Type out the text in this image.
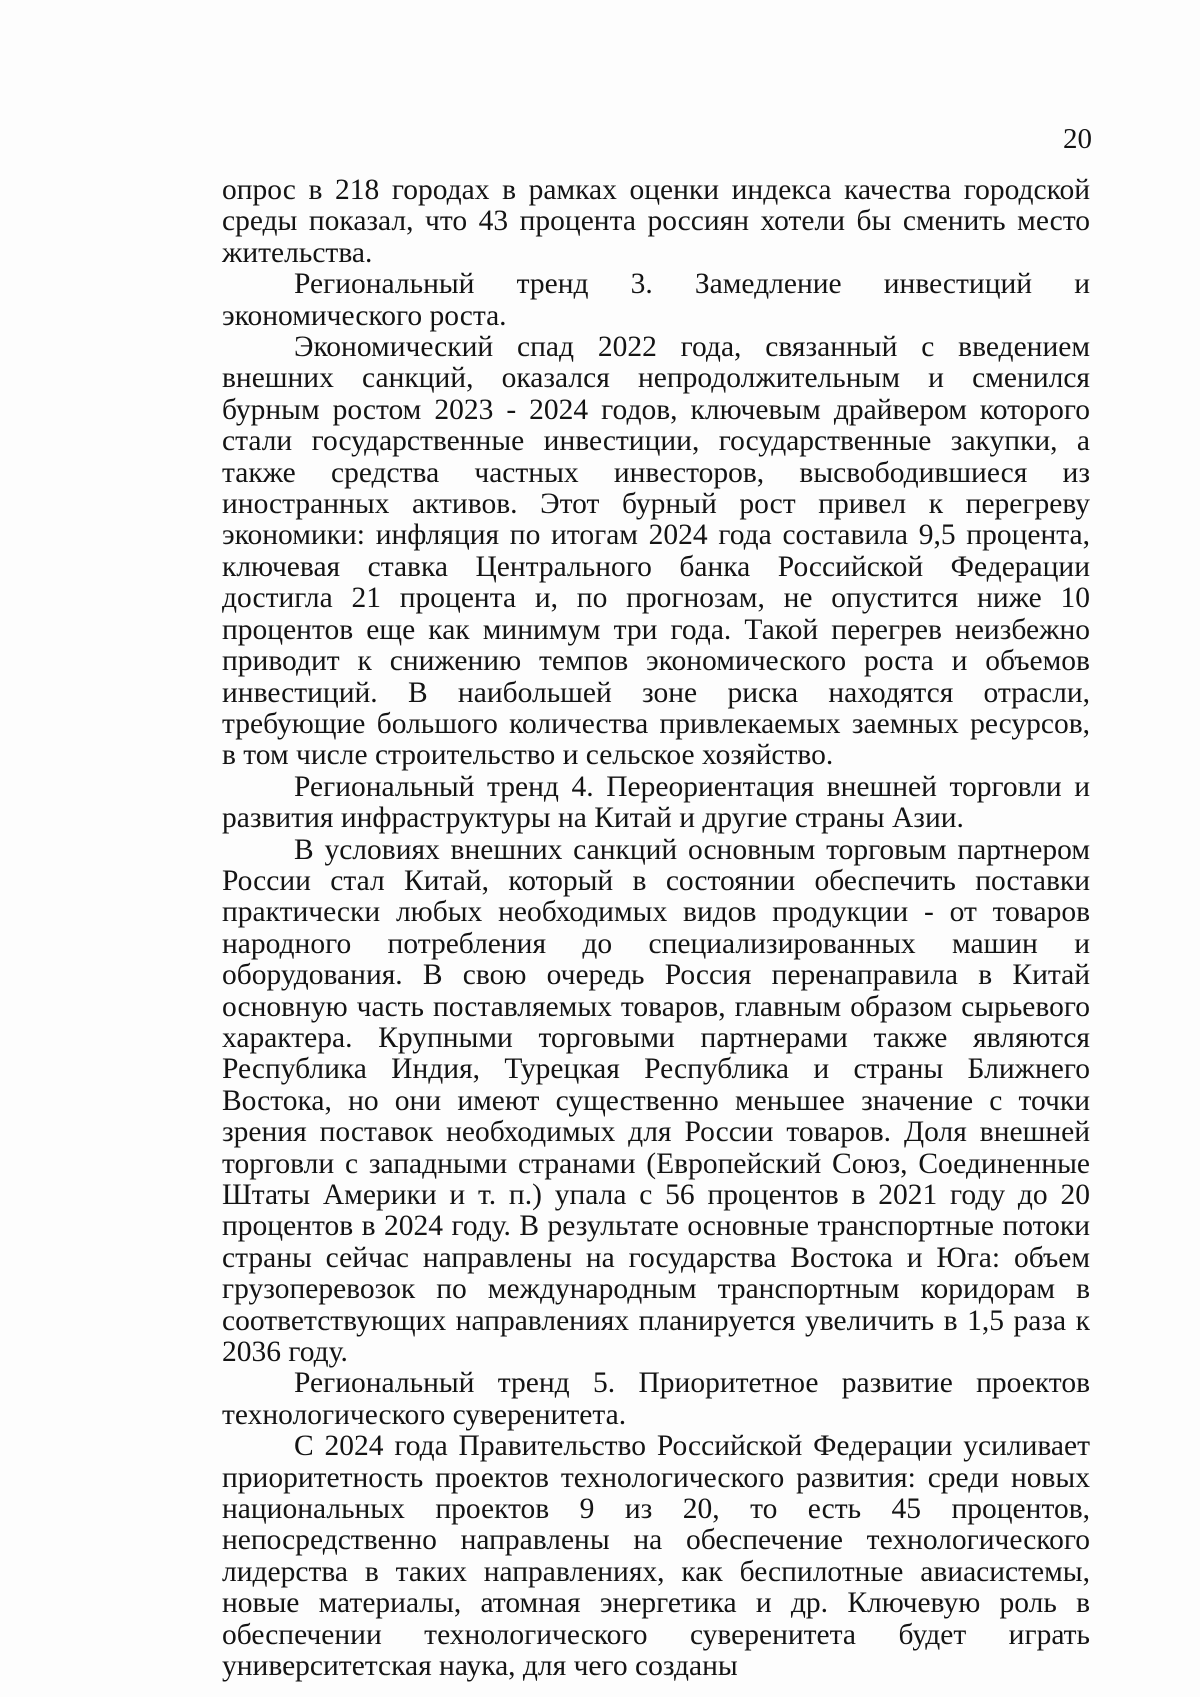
20

опрос в 218 городах в рамках оценки индекса качества городской среды показал, что 43 процента россиян хотели бы сменить место жительства.

Региональный тренд 3. Замедление инвестиций и экономического роста.

Экономический спад 2022 года, связанный с введением внешних санкций, оказался непродолжительным и сменился бурным ростом 2023 - 2024 годов, ключевым драйвером которого стали государственные инвестиции, государственные закупки, а также средства частных инвесторов, высвободившиеся из иностранных активов. Этот бурный рост привел к перегреву экономики: инфляция по итогам 2024 года составила 9,5 процента, ключевая ставка Центрального банка Российской Федерации достигла 21 процента и, по прогнозам, не опустится ниже 10 процентов еще как минимум три года. Такой перегрев неизбежно приводит к снижению темпов экономического роста и объемов инвестиций. В наибольшей зоне риска находятся отрасли, требующие большого количества привлекаемых заемных ресурсов, в том числе строительство и сельское хозяйство.

Региональный тренд 4. Переориентация внешней торговли и развития инфраструктуры на Китай и другие страны Азии.

В условиях внешних санкций основным торговым партнером России стал Китай, который в состоянии обеспечить поставки практически любых необходимых видов продукции - от товаров народного потребления до специализированных машин и оборудования. В свою очередь Россия перенаправила в Китай основную часть поставляемых товаров, главным образом сырьевого характера. Крупными торговыми партнерами также являются Республика Индия, Турецкая Республика и страны Ближнего Востока, но они имеют существенно меньшее значение с точки зрения поставок необходимых для России товаров. Доля внешней торговли с западными странами (Европейский Союз, Соединенные Штаты Америки и т. п.) упала с 56 процентов в 2021 году до 20 процентов в 2024 году. В результате основные транспортные потоки страны сейчас направлены на государства Востока и Юга: объем грузоперевозок по международным транспортным коридорам в соответствующих направлениях планируется увеличить в 1,5 раза к 2036 году.

Региональный тренд 5. Приоритетное развитие проектов технологического суверенитета.

С 2024 года Правительство Российской Федерации усиливает приоритетность проектов технологического развития: среди новых национальных проектов 9 из 20, то есть 45 процентов, непосредственно направлены на обеспечение технологического лидерства в таких направлениях, как беспилотные авиасистемы, новые материалы, атомная энергетика и др. Ключевую роль в обеспечении технологического суверенитета будет играть университетская наука, для чего созданы
